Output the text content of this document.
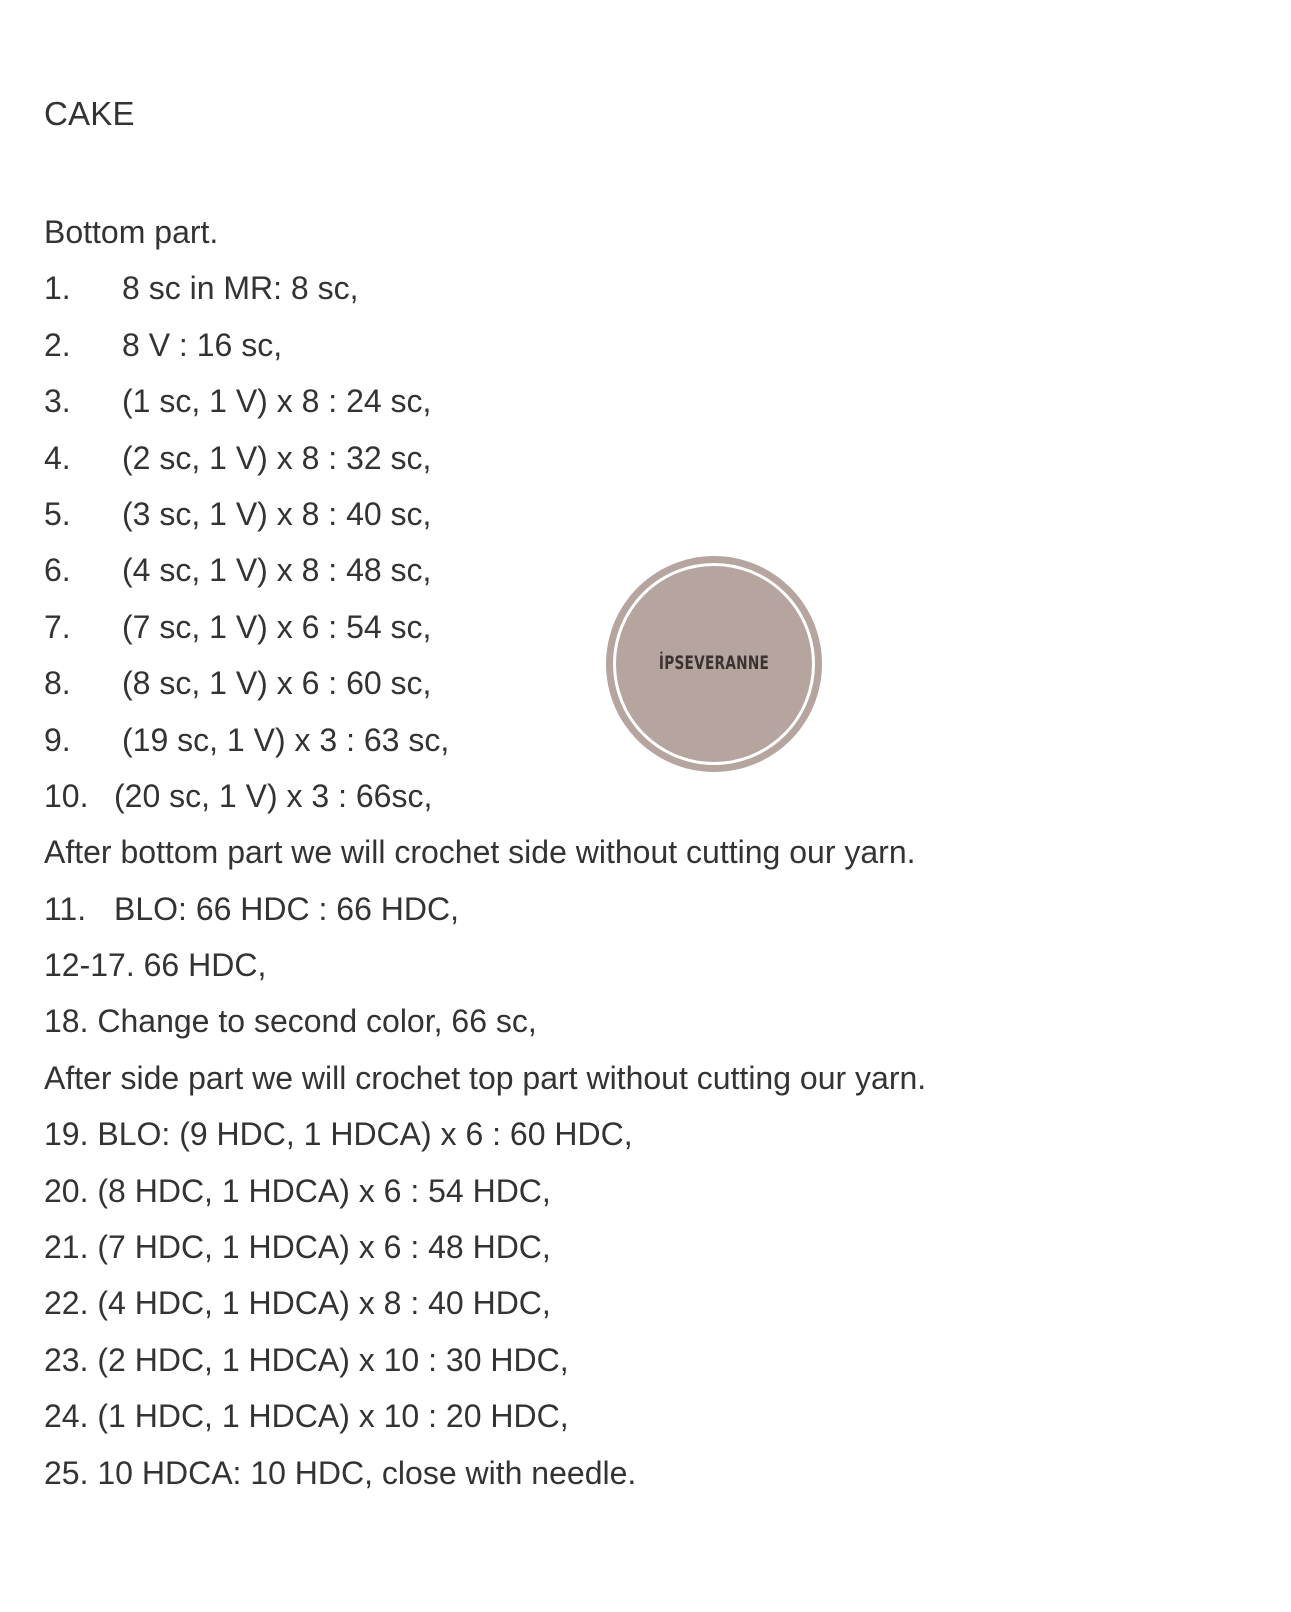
CAKE
Bottom part.
1. 8 sc in MR: 8 sc,
2. 8 V : 16 sc,
3. (1 sc, 1 V) x 8 : 24 sc,
4. (2 sc, 1 V) x 8 : 32 sc,
5. (3 sc, 1 V) x 8 : 40 sc,
6. (4 sc, 1 V) x 8 : 48 sc,
7. (7 sc, 1 V) x 6 : 54 sc,
8. (8 sc, 1 V) x 6 : 60 sc,
9. (19 sc, 1 V) x 3 : 63 sc,
10. (20 sc, 1 V) x 3 : 66sc,
After bottom part we will crochet side without cutting our yarn.
11. BLO: 66 HDC : 66 HDC,
12-17. 66 HDC,
18. Change to second color, 66 sc,
After side part we will crochet top part without cutting our yarn.
19. BLO: (9 HDC, 1 HDCA) x 6 : 60 HDC,
20. (8 HDC, 1 HDCA) x 6 : 54 HDC,
21. (7 HDC, 1 HDCA) x 6 : 48 HDC,
22. (4 HDC, 1 HDCA) x 8 : 40 HDC,
23. (2 HDC, 1 HDCA) x 10 : 30 HDC,
24. (1 HDC, 1 HDCA) x 10 : 20 HDC,
25. 10 HDCA: 10 HDC, close with needle.
İPSEVERANNE
